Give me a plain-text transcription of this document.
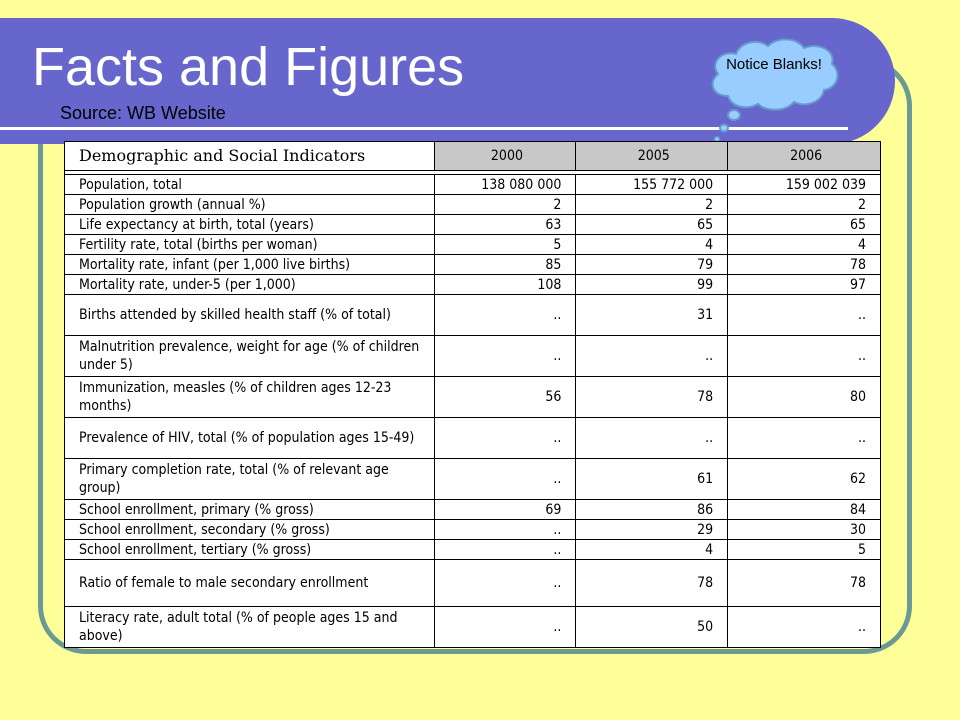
Facts and Figures
Source: WB Website
Notice Blanks!
Demographic and Social Indicators	2000	2005	2006

Population, total	138 080 000	155 772 000	159 002 039
Population growth (annual %)	2	2	2
Life expectancy at birth, total (years)	63	65	65
Fertility rate, total (births per woman)	5	4	4
Mortality rate, infant (per 1,000 live births)	85	79	78
Mortality rate, under-5 (per 1,000)	108	99	97
Births attended by skilled health staff (% of total)	..	31	..
Malnutrition prevalence, weight for age (% of children under 5)	..	..	..
Immunization, measles (% of children ages 12-23 months)	56	78	80
Prevalence of HIV, total (% of population ages 15-49)	..	..	..
Primary completion rate, total (% of relevant age group)	..	61	62
School enrollment, primary (% gross)	69	86	84
School enrollment, secondary (% gross)	..	29	30
School enrollment, tertiary (% gross)	..	4	5
Ratio of female to male secondary enrollment	..	78	78
Literacy rate, adult total (% of people ages 15 and above)	..	50	..
